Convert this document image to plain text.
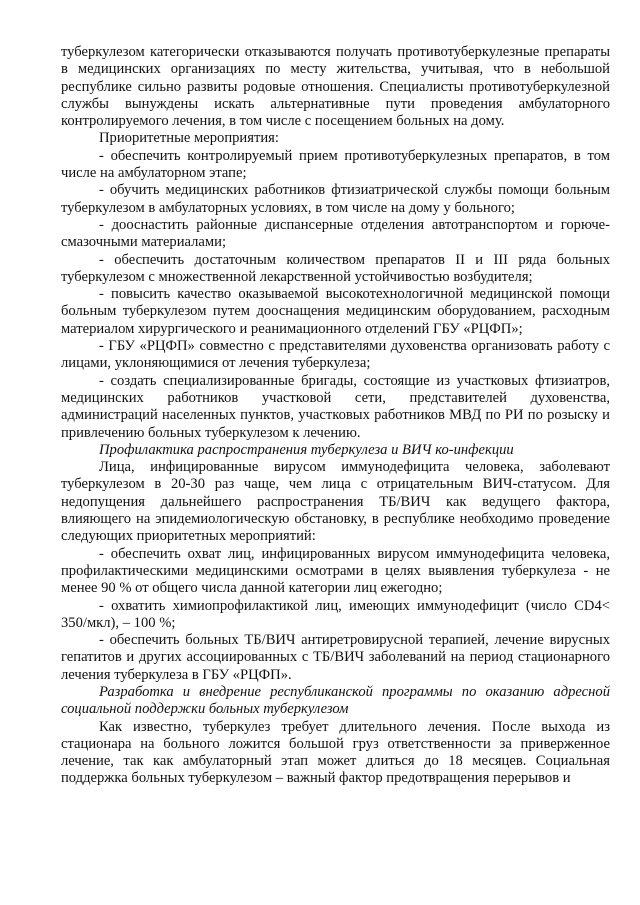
туберкулезом категорически отказываются получать противотуберкулезные препараты в медицинских организациях по месту жительства, учитывая, что в небольшой республике сильно развиты родовые отношения. Специалисты противотуберкулезной службы вынуждены искать альтернативные пути проведения амбулаторного контролируемого лечения, в том числе с посещением больных на дому.

Приоритетные мероприятия:

- обеспечить контролируемый прием противотуберкулезных препаратов, в том числе на амбулаторном этапе;

- обучить медицинских работников фтизиатрической службы помощи больным туберкулезом в амбулаторных условиях, в том числе на дому у больного;

- дооснастить районные диспансерные отделения автотранспортом и горюче-смазочными материалами;

- обеспечить достаточным количеством препаратов II и III ряда больных туберкулезом с множественной лекарственной устойчивостью возбудителя;

- повысить качество оказываемой высокотехнологичной медицинской помощи больным туберкулезом путем дооснащения медицинским оборудованием, расходным материалом хирургического и реанимационного отделений ГБУ «РЦФП»;

- ГБУ «РЦФП» совместно с представителями духовенства организовать работу с лицами, уклоняющимися от лечения туберкулеза;

- создать специализированные бригады, состоящие из участковых фтизиатров, медицинских работников участковой сети, представителей духовенства, администраций населенных пунктов, участковых работников МВД по РИ по розыску и привлечению больных туберкулезом к лечению.

Профилактика распространения туберкулеза и ВИЧ ко-инфекции

Лица, инфицированные вирусом иммунодефицита человека, заболевают туберкулезом в 20-30 раз чаще, чем лица с отрицательным ВИЧ-статусом. Для недопущения дальнейшего распространения ТБ/ВИЧ как ведущего фактора, влияющего на эпидемиологическую обстановку, в республике необходимо проведение следующих приоритетных мероприятий:

- обеспечить охват лиц, инфицированных вирусом иммунодефицита человека, профилактическими медицинскими осмотрами в целях выявления туберкулеза - не менее 90 % от общего числа данной категории лиц ежегодно;

- охватить химиопрофилактикой лиц, имеющих иммунодефицит (число CD4< 350/мкл), – 100 %;

- обеспечить больных ТБ/ВИЧ антиретровирусной терапией, лечение вирусных гепатитов и других ассоциированных с ТБ/ВИЧ заболеваний на период стационарного лечения туберкулеза в ГБУ «РЦФП».

Разработка и внедрение республиканской программы по оказанию адресной социальной поддержки больных туберкулезом

Как известно, туберкулез требует длительного лечения. После выхода из стационара на больного ложится большой груз ответственности за приверженное лечение, так как амбулаторный этап может длиться до 18 месяцев. Социальная поддержка больных туберкулезом – важный фактор предотвращения перерывов и
